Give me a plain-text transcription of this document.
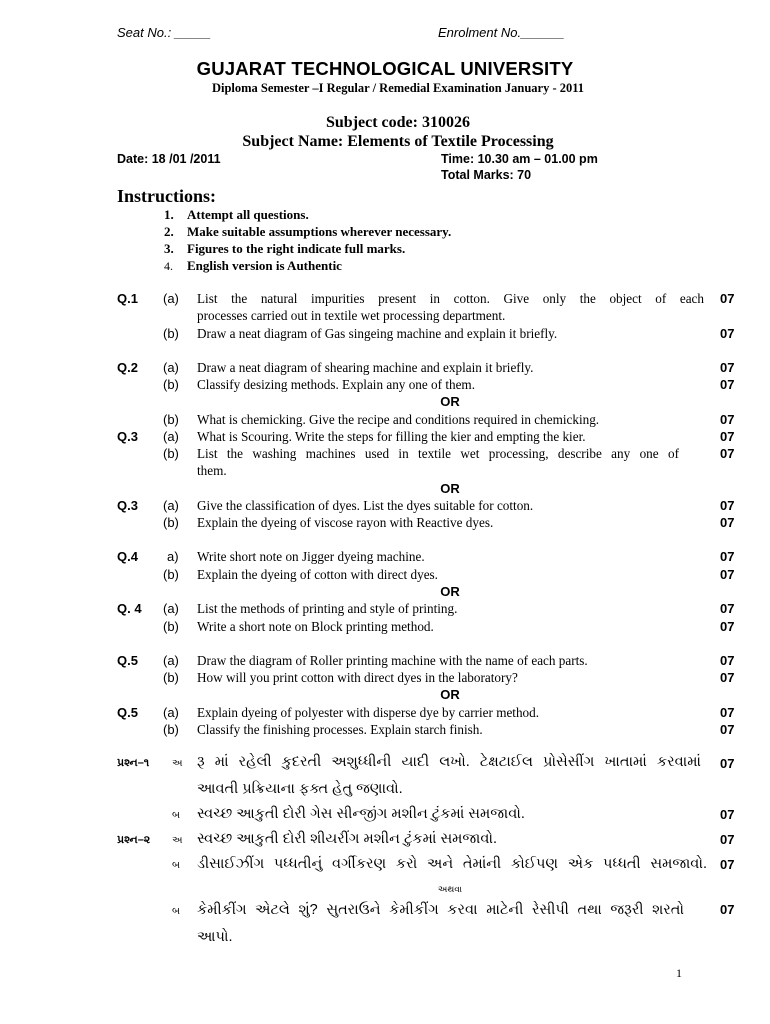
Seat No.: _____	Enrolment No.______
GUJARAT TECHNOLOGICAL UNIVERSITY
Diploma Semester –I Regular / Remedial Examination January - 2011
Subject code: 310026
Subject Name: Elements of Textile Processing
Date: 18 /01 /2011	Time: 10.30 am – 01.00 pm
Total Marks: 70
Instructions:
1. Attempt all questions.
2. Make suitable assumptions wherever necessary.
3. Figures to the right indicate full marks.
4. English version is Authentic
Q.1 (a) List the natural impurities present in cotton. Give only the object of each
processes carried out in textile wet processing department.
07
(b) Draw a neat diagram of Gas singeing machine and explain it briefly.	07
Q.2 (a) Draw a neat diagram of shearing machine and explain it briefly.	07
(b) Classify desizing methods. Explain any one of them.	07
OR
(b) What is chemicking. Give the recipe and conditions required in chemicking.	07
Q.3 (a) What is Scouring. Write the steps for filling the kier and empting the kier.	07
(b) List the washing machines used in textile wet processing, describe any one of
them.
07
OR
Q.3 (a) Give the classification of dyes. List the dyes suitable for cotton.	07
(b) Explain the dyeing of viscose rayon with Reactive dyes.	07
Q.4 a) Write short note on Jigger dyeing machine.	07
(b) Explain the dyeing of cotton with direct dyes.	07
OR
Q. 4 (a) List the methods of printing and style of printing.	07
(b) Write a short note on Block printing method.	07
Q.5 (a) Draw the diagram of Roller printing machine with the name of each parts.	07
(b) How will you print cotton with direct dyes in the laboratory?	07
OR
Q.5 (a) Explain dyeing of polyester with disperse dye by carrier method.	07
(b) Classify the finishing processes. Explain starch finish.	07
પ્રશ્ન–૧ અ રૂ માં રહેલી કુદરતી અશુધ્ધીની યાદી લખો. ટેક્ષટાઈલ પ્રોસેસીંગ ખાતામાં કરવામાં
આવતી પ્રક્રિયાના ફક્ત હેતુ જણાવો.
07
બ સ્વચ્છ આકુતી દોરી ગેસ સીન્જીંગ મશીન ટુંકમાં સમજાવો.	07
પ્રશ્ન–૨ અ સ્વચ્છ આકુતી દોરી શીયરીંગ મશીન ટુંકમાં સમજાવો.	07
બ ડીસાઈઝીંગ પધ્ધતીનું વર્ગીકરણ કરો અને તેમાંની કોઈપણ એક પધ્ધતી સમજાવો. 07
અથવા
બ કેમીકીંગ એટલે શું? સુતરાઉને કેમીકીંગ કરવા માટેની રેસીપી તથા જરૂરી શરતો
આપો.
07
1
